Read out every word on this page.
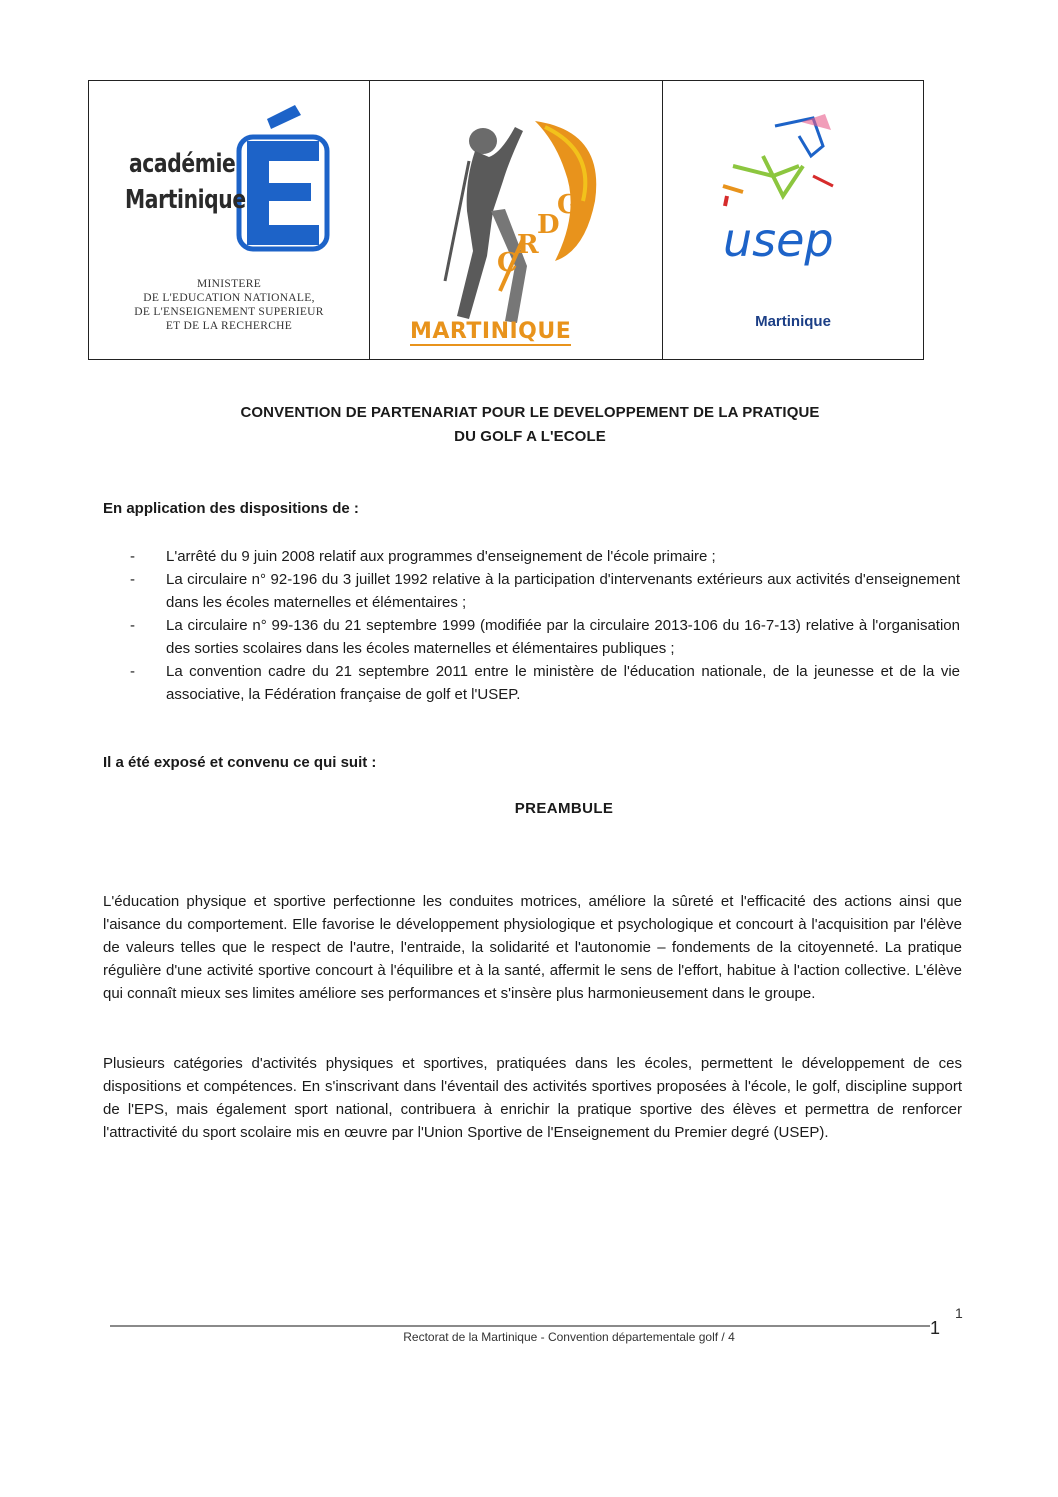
académie
Martinique
MINISTERE
DE L'EDUCATION NATIONALE,
DE L'ENSEIGNEMENT SUPERIEUR
ET DE LA RECHERCHE
C
R
D
G
MARTINIQUE
usep
Martinique
CONVENTION DE PARTENARIAT POUR LE DEVELOPPEMENT DE LA PRATIQUE
DU GOLF A L'ECOLE
En application des dispositions de :
- L'arrêté du 9 juin 2008 relatif aux programmes d'enseignement de l'école primaire ;
- La circulaire n° 92-196 du 3 juillet 1992 relative à la participation d'intervenants extérieurs aux activités d'enseignement dans les écoles maternelles et élémentaires ;
- La circulaire n° 99-136 du 21 septembre 1999 (modifiée par la circulaire 2013-106 du 16-7-13) relative à l'organisation des sorties scolaires dans les écoles maternelles et élémentaires publiques ;
- La convention cadre du 21 septembre 2011 entre le ministère de l'éducation nationale, de la jeunesse et de la vie associative, la Fédération française de golf et l'USEP.
Il a été exposé et convenu ce qui suit :
PREAMBULE

L'éducation physique et sportive perfectionne les conduites motrices, améliore la sûreté et l'efficacité des actions ainsi que l'aisance du comportement. Elle favorise le développement physiologique et psychologique et concourt à l'acquisition par l'élève de valeurs telles que le respect de l'autre, l'entraide, la solidarité et l'autonomie – fondements de la citoyenneté. La pratique régulière d'une activité sportive concourt à l'équilibre et à la santé, affermit le sens de l'effort, habitue à l'action collective. L'élève qui connaît mieux ses limites améliore ses performances et s'insère plus harmonieusement dans le groupe.

Plusieurs catégories d'activités physiques et sportives, pratiquées dans les écoles, permettent le développement de ces dispositions et compétences. En s'inscrivant dans l'éventail des activités sportives proposées à l'école, le golf, discipline support de l'EPS, mais également sport national, contribuera à enrichir la pratique sportive des élèves et permettra de renforcer l'attractivité du sport scolaire mis en œuvre par l'Union Sportive de l'Enseignement du Premier degré (USEP).

Rectorat de la Martinique - Convention départementale golf / 4	1
1
